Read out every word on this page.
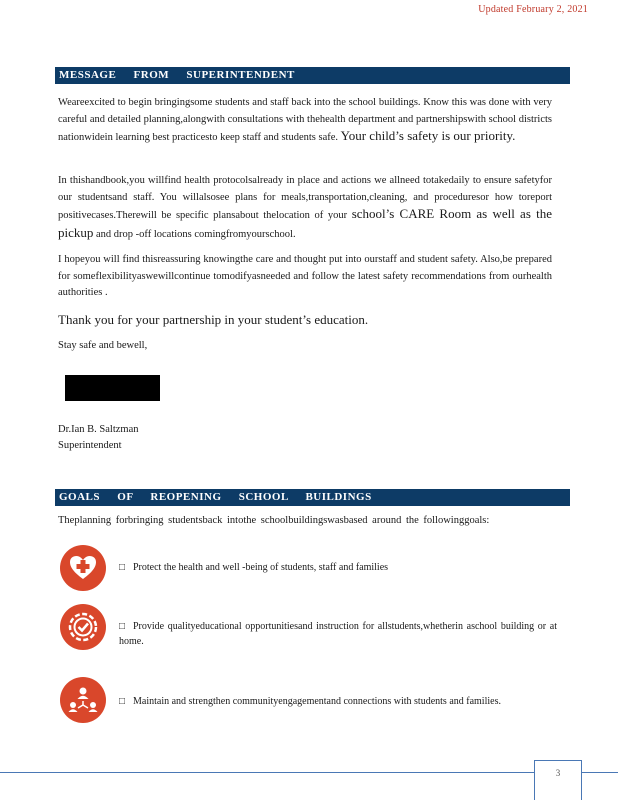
Updated February 2, 2021
MESSAGE FROM SUPERINTENDENT
Weareexcited to begin bringingsome students and staff back into the school buildings. Know this was done with very careful and detailed planning,alongwith consultations with thehealth department and partnershipswith school districts nationwidein learning best practicesto keep staff and students safe. Your child’s safety is our priority.
In thishandbook,you willfind health protocolsalready in place and actions we allneed totakedaily to ensure safetyfor our studentsand staff. You willalsosee plans for meals,transportation,cleaning, and proceduresor how toreport positivecases.Therewill be specific plansabout thelocation of your school’s CARE Room as well as the pickup and drop -off locations comingfromyourschool.
I hopeyou will find thisreassuring knowingthe care and thought put into ourstaff and student safety. Also,be prepared for someflexibilityaswewillcontinue tomodifyasneeded and follow the latest safety recommendations from ourhealth authorities .
Thank you for your partnership in your student’s education.
Stay safe and bewell,
Dr.Ian B. Saltzman
Superintendent
GOALS OF REOPENING SCHOOL BUILDINGS
Theplanning forbringing studentsback intothe schoolbuildingswasbased around the followinggoals:
□ Protect the health and well -being of students, staff and families
□ Provide qualityeducational opportunitiesand instruction for allstudents,whetherin aschool building or at home.
□ Maintain and strengthen communityengagementand connections with students and families.
3
